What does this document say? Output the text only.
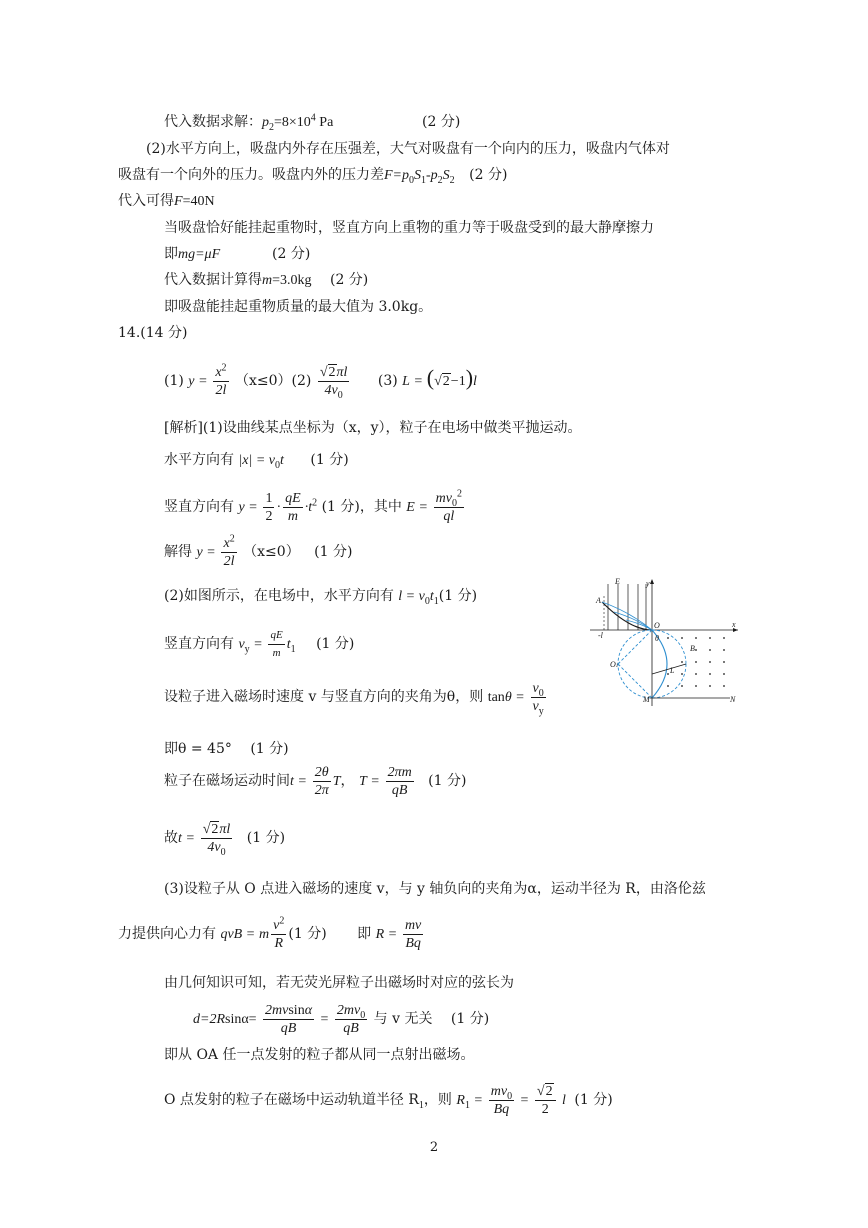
代入数据求解：$p_2=8\times 10^4$ Pa	(2 分)
(2)水平方向上，吸盘内外存在压强差，大气对吸盘有一个向内的压力，吸盘内气体对
吸盘有一个向外的压力。吸盘内外的压力差$F=p_0S_1-p_2S_2$ (2 分)
代入可得F=40N
当吸盘恰好能挂起重物时，竖直方向上重物的重力等于吸盘受到的最大静摩擦力
即mg=μF	(2 分)
代入数据计算得m=3.0kg (2 分)
即吸盘能挂起重物质量的最大值为 3.0kg。
14.(14 分)
(1) $y = \frac{x^2}{2l} (x\le 0)(2) \frac{√2\pi l}{4v_0} (3) L = (√2-1)l$
[解析](1)设曲线某点坐标为（x，y），粒子在电场中做类平抛运动。
水平方向有 $|x| = v_0t$ (1 分)
竖直方向有 $y = \frac{1}{2} \cdot \frac{qE}{m} \cdot t^2$ (1 分)，其中 $E = \frac{mv_0^2}{ql}$
解得 $y = \frac{x^2}{2l} (x\le 0)$ (1 分)
(2)如图所示，在电场中，水平方向有 $l = v_0t_1(1$ 分)
竖直方向有 $v_y = \frac{qE}{m} t_1$ (1 分)
设粒子进入磁场时速度 v 与竖直方向的夹角为θ，则 $\tan\theta = \frac{v_0}{v_y}$
即θ = 45° (1 分)
粒子在磁场运动时间$t = \frac{2\theta}{2\pi}$ T， $T = \frac{2\pi m}{qB} (1$ 分)
故$t = \frac{√2\pi l}{4v_0} (1$ 分)
(3)设粒子从 O 点进入磁场的速度 v，与 y 轴负向的夹角为α，运动半径为 R，由洛伦兹
力提供向心力有 qvB = m $\frac{v^2}{R} (1$ 分) 即 $R = \frac{mv}{Bq}$
由几何知识可知，若无荧光屏粒子出磁场时对应的弦长为
$d=2Rsin\alpha= \frac{2mvsin\alpha}{qB} = \frac{2mv_0}{qB}$ 与 v 无关 (1 分)
即从 OA 任一点发射的粒子都从同一点射出磁场。
O 点发射的粒子在磁场中运动轨道半径 $R_1$，则 $R_1 = \frac{mv_0}{Bq} = \frac{√2}{2}$ l (1 分)
A
E	y
O	x
-l
O1
θ
B
L
M	N
2
